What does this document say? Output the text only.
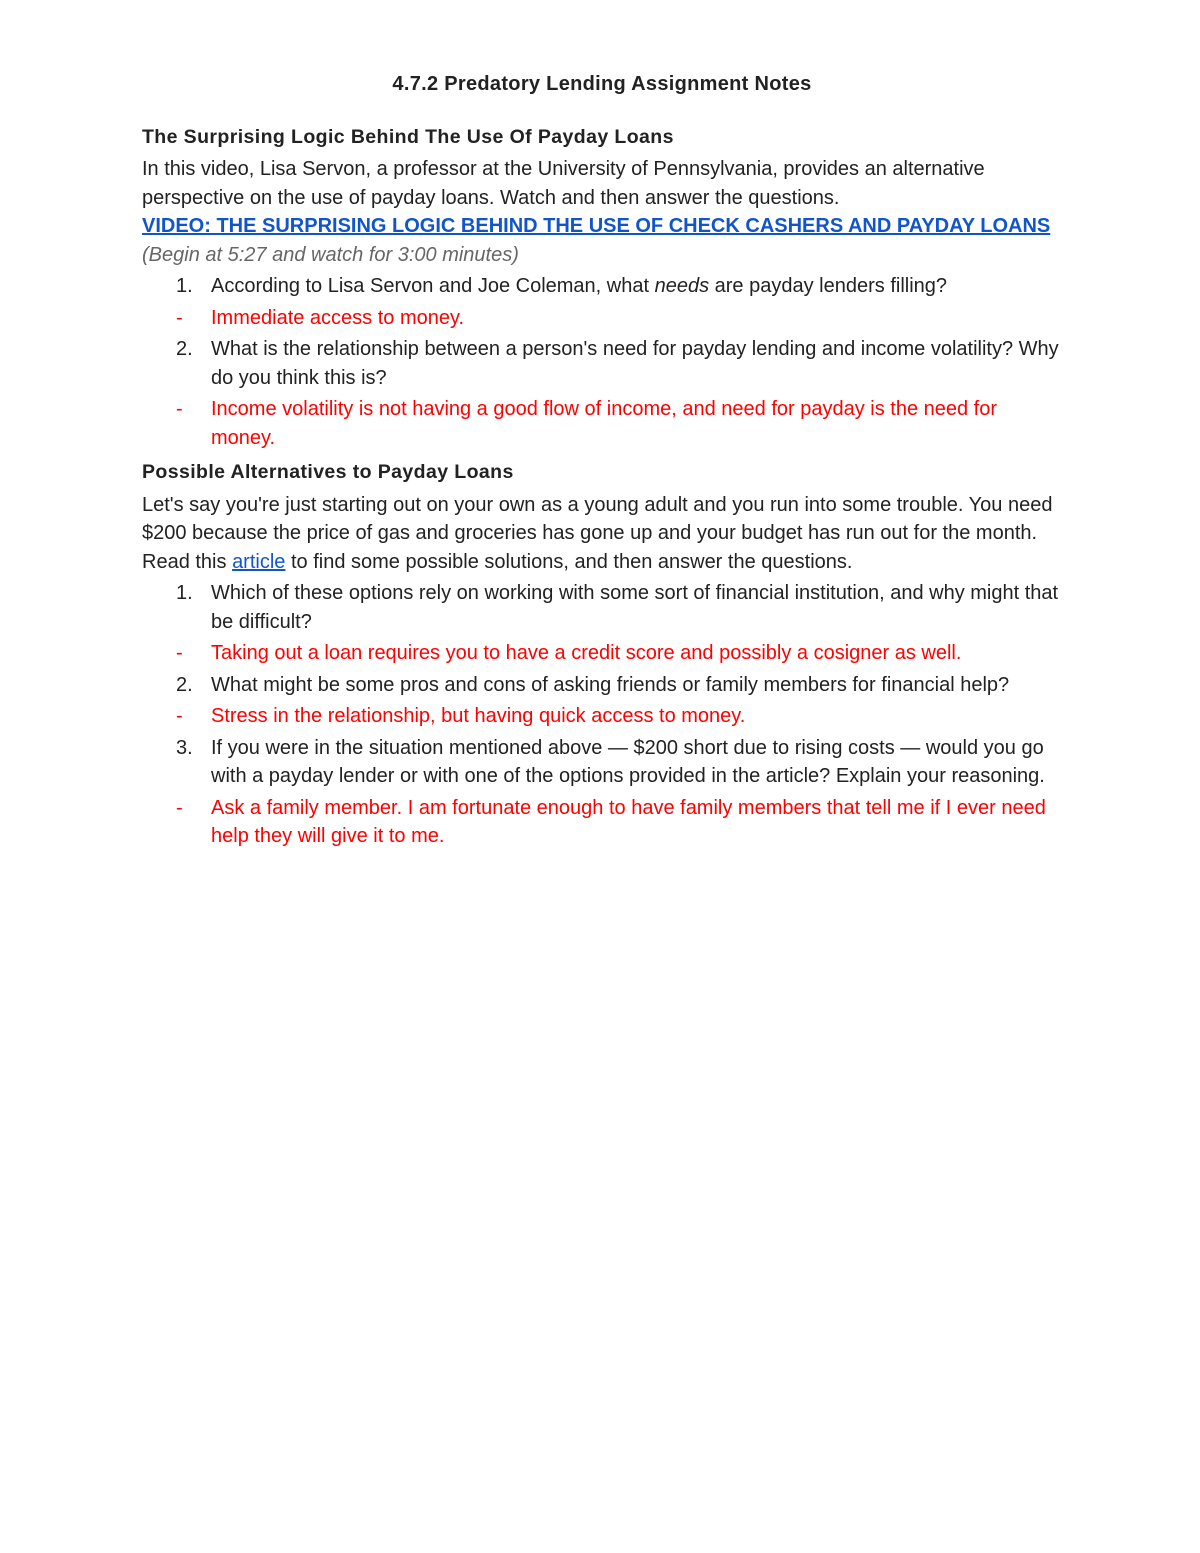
4.7.2 Predatory Lending Assignment Notes
The Surprising Logic Behind The Use Of Payday Loans

In this video, Lisa Servon, a professor at the University of Pennsylvania, provides an alternative perspective on the use of payday loans. Watch and then answer the questions.
VIDEO: THE SURPRISING LOGIC BEHIND THE USE OF CHECK CASHERS AND PAYDAY LOANS (Begin at 5:27 and watch for 3:00 minutes)

1. According to Lisa Servon and Joe Coleman, what needs are payday lenders filling?
-	Immediate access to money.
2. What is the relationship between a person's need for payday lending and income volatility? Why do you think this is?
-	Income volatility is not having a good flow of income, and need for payday is the need for money.
Possible Alternatives to Payday Loans

Let's say you're just starting out on your own as a young adult and you run into some trouble. You need $200 because the price of gas and groceries has gone up and your budget has run out for the month. Read this article to find some possible solutions, and then answer the questions.

1. Which of these options rely on working with some sort of financial institution, and why might that be difficult?
-	Taking out a loan requires you to have a credit score and possibly a cosigner as well.
2. What might be some pros and cons of asking friends or family members for financial help?
-	Stress in the relationship, but having quick access to money.
3. If you were in the situation mentioned above — $200 short due to rising costs — would you go with a payday lender or with one of the options provided in the article? Explain your reasoning.
-	Ask a family member. I am fortunate enough to have family members that tell me if I ever need help they will give it to me.
